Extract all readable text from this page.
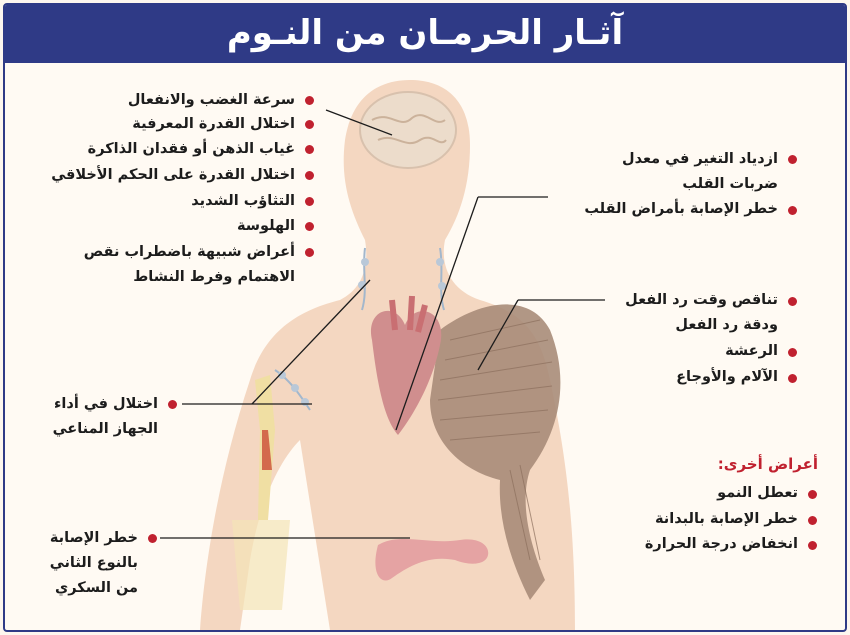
آثـار الحرمـان من النـوم
سرعة الغضب والانفعال
اختلال القدرة المعرفية
غياب الذهن أو فقدان الذاكرة
اختلال القدرة على الحكم الأخلاقي
التثاؤب الشديد
الهلوسة
أعراض شبيهة باضطراب نقص
الاهتمام وفرط النشاط
ازدياد التغير في معدل
ضربات القلب
خطر الإصابة بأمراض القلب
تناقص وقت رد الفعل
ودقة رد الفعل
الرعشة
الآلام والأوجاع
اختلال في أداء
الجهاز المناعي
خطر الإصابة
بالنوع الثاني
من السكري
أعراض أخرى:
تعطل النمو
خطر الإصابة بالبدانة
انخفاض درجة الحرارة
